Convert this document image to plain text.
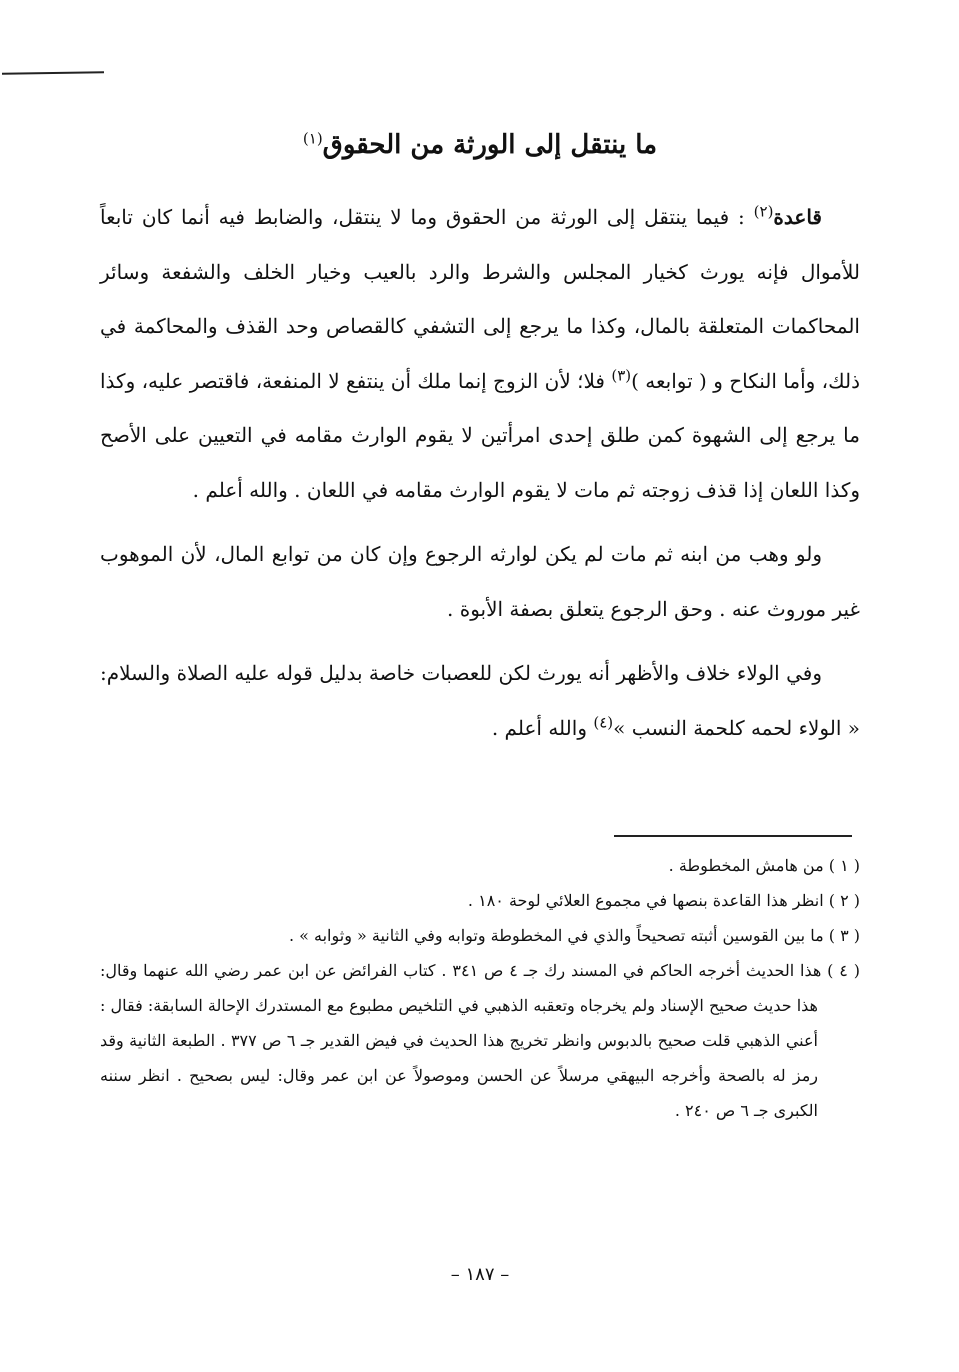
ما ينتقل إلى الورثة من الحقوق$^{(١)}$

قاعدة$^{(٢)}$ : فيما ينتقل إلى الورثة من الحقوق وما لا ينتقل، والضابط فيه أنما كان تابعاً للأموال فإنه يورث كخيار المجلس والشرط والرد بالعيب وخيار الخلف والشفعة وسائر المحاكمات المتعلقة بالمال، وكذا ما يرجع إلى التشفي كالقصاص وحد القذف والمحاكمة في ذلك، وأما النكاح و ( توابعه )$^{(٣)}$ فلا؛ لأن الزوج إنما ملك أن ينتفع لا المنفعة، فاقتصر عليه، وكذا ما يرجع إلى الشهوة كمن طلق إحدى امرأتين لا يقوم الوارث مقامه في التعيين على الأصح وكذا اللعان إذا قذف زوجته ثم مات لا يقوم الوارث مقامه في اللعان . والله أعلم .

ولو وهب من ابنه ثم مات لم يكن لوارثه الرجوع وإن كان من توابع المال، لأن الموهوب غير موروث عنه . وحق الرجوع يتعلق بصفة الأبوة .

وفي الولاء خلاف والأظهر أنه يورث لكن للعصبات خاصة بدليل قوله عليه الصلاة والسلام: « الولاء لحمه كلحمة النسب »$^{(٤)}$ والله أعلم .

( ١ ) من هامش المخطوطة .

( ٢ ) انظر هذا القاعدة بنصها في مجموع العلائي لوحة ١٨٠ .

( ٣ ) ما بين القوسين أثبته تصحيحاً والذي في المخطوطة وتوابه وفي الثانية « وثوابه » .

( ٤ ) هذا الحديث أخرجه الحاكم في المسند رك جـ ٤ ص ٣٤١ . كتاب الفرائض عن ابن عمر رضي الله عنهما وقال: هذا حديث صحيح الإسناد ولم يخرجاه وتعقبه الذهبي في التلخيص مطبوع مع المستدرك الإحالة السابقة: فقال : أعني الذهبي قلت صحيح بالدبوس وانظر تخريج هذا الحديث في فيض القدير جـ ٦ ص ٣٧٧ . الطبعة الثانية وقد رمز له بالصحة وأخرجه البيهقي مرسلاً عن الحسن وموصولاً عن ابن عمر وقال: ليس بصحيح . انظر سننه الكبرى جـ ٦ ص ٢٤٠ .

– ١٨٧ –
